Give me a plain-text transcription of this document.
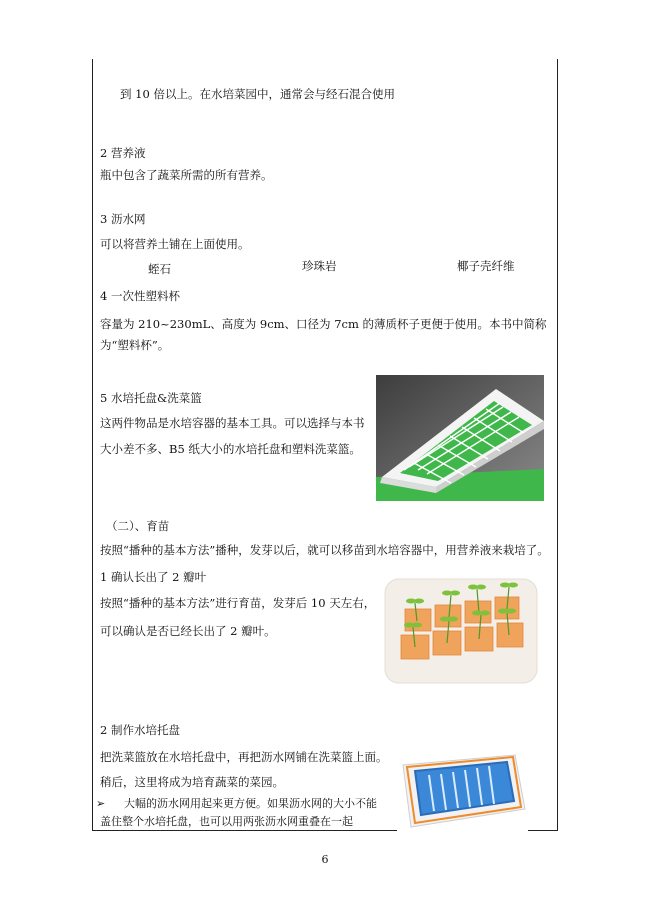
到 10 倍以上。在水培菜园中，通常会与经石混合使用
2 营养液
瓶中包含了蔬菜所需的所有营养。
3 沥水网
可以将营养土铺在上面使用。
蛭石	珍珠岩	椰子壳纤维
4 一次性塑料杯
容量为 210~230mL、高度为 9cm、口径为 7cm 的薄质杯子更便于使用。本书中简称为“塑料杯”。
5 水培托盘&洗菜篮
这两件物品是水培容器的基本工具。可以选择与本书
大小差不多、B5 纸大小的水培托盘和塑料洗菜篮。
（二）、育苗
按照“播种的基本方法”播种，发芽以后，就可以移苗到水培容器中，用营养液来栽培了。
1 确认长出了 2 瓣叶
按照“播种的基本方法”进行育苗，发芽后 10 天左右，
可以确认是否已经长出了 2 瓣叶。
2 制作水培托盘
把洗菜篮放在水培托盘中，再把沥水网铺在洗菜篮上面。
稍后，这里将成为培育蔬菜的菜园。
➢ 大幅的沥水网用起来更方便。如果沥水网的大小不能
盖住整个水培托盘，也可以用两张沥水网重叠在一起
6
